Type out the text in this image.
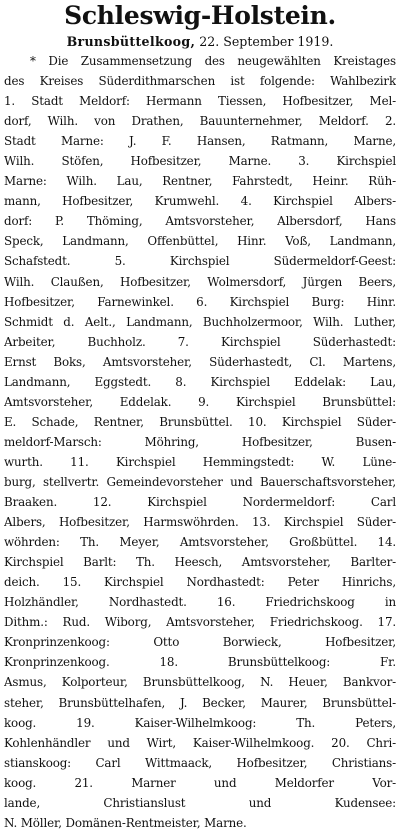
Schleswig-Holstein.

Brunsbüttelkoog, 22. September 1919.

* Die Zusammensetzung des neugewählten Kreistages
des Kreises Süderdithmarschen ist folgende: Wahlbezirk
1. Stadt Meldorf: Hermann Tiessen, Hofbesitzer, Mel-
dorf, Wilh. von Drathen, Bauunternehmer, Meldorf. 2.
Stadt Marne: J. F. Hansen, Ratmann, Marne,
Wilh. Stöfen, Hofbesitzer, Marne. 3. Kirchspiel
Marne: Wilh. Lau, Rentner, Fahrstedt, Heinr. Rüh-
mann, Hofbesitzer, Krumwehl. 4. Kirchspiel Albers-
dorf: P. Thöming, Amtsvorsteher, Albersdorf, Hans
Speck, Landmann, Offenbüttel, Hinr. Voß, Landmann,
Schafstedt. 5. Kirchspiel Südermeldorf-Geest:
Wilh. Claußen, Hofbesitzer, Wolmersdorf, Jürgen Beers,
Hofbesitzer, Farnewinkel. 6. Kirchspiel Burg: Hinr.
Schmidt d. Aelt., Landmann, Buchholzermoor, Wilh. Luther,
Arbeiter, Buchholz. 7. Kirchspiel Süderhastedt:
Ernst Boks, Amtsvorsteher, Süderhastedt, Cl. Martens,
Landmann, Eggstedt. 8. Kirchspiel Eddelak: Lau,
Amtsvorsteher, Eddelak. 9. Kirchspiel Brunsbüttel:
E. Schade, Rentner, Brunsbüttel. 10. Kirchspiel Süder-
meldorf-Marsch: Möhring, Hofbesitzer, Busen-
wurth. 11. Kirchspiel Hemmingstedt: W. Lüne-
burg, stellvertr. Gemeindevorsteher und Bauerschaftsvorsteher,
Braaken. 12. Kirchspiel Nordermeldorf: Carl
Albers, Hofbesitzer, Harmswöhrden. 13. Kirchspiel Süder-
wöhrden: Th. Meyer, Amtsvorsteher, Großbüttel. 14.
Kirchspiel Barlt: Th. Heesch, Amtsvorsteher, Barlter-
deich. 15. Kirchspiel Nordhastedt: Peter Hinrichs,
Holzhändler, Nordhastedt. 16. Friedrichskoog in
Dithm.: Rud. Wiborg, Amtsvorsteher, Friedrichskoog. 17.
Kronprinzenkoog: Otto Borwieck, Hofbesitzer,
Kronprinzenkoog. 18. Brunsbüttelkoog: Fr.
Asmus, Kolporteur, Brunsbüttelkoog, N. Heuer, Bankvor-
steher, Brunsbüttelhafen, J. Becker, Maurer, Brunsbüttel-
koog. 19. Kaiser-Wilhelmkoog: Th. Peters,
Kohlenhändler und Wirt, Kaiser-Wilhelmkoog. 20. Chri-
stianskoog: Carl Wittmaack, Hofbesitzer, Christians-
koog. 21. Marner und Meldorfer Vor-
lande, Christianslust und Kudensee:
N. Möller, Domänen-Rentmeister, Marne.
